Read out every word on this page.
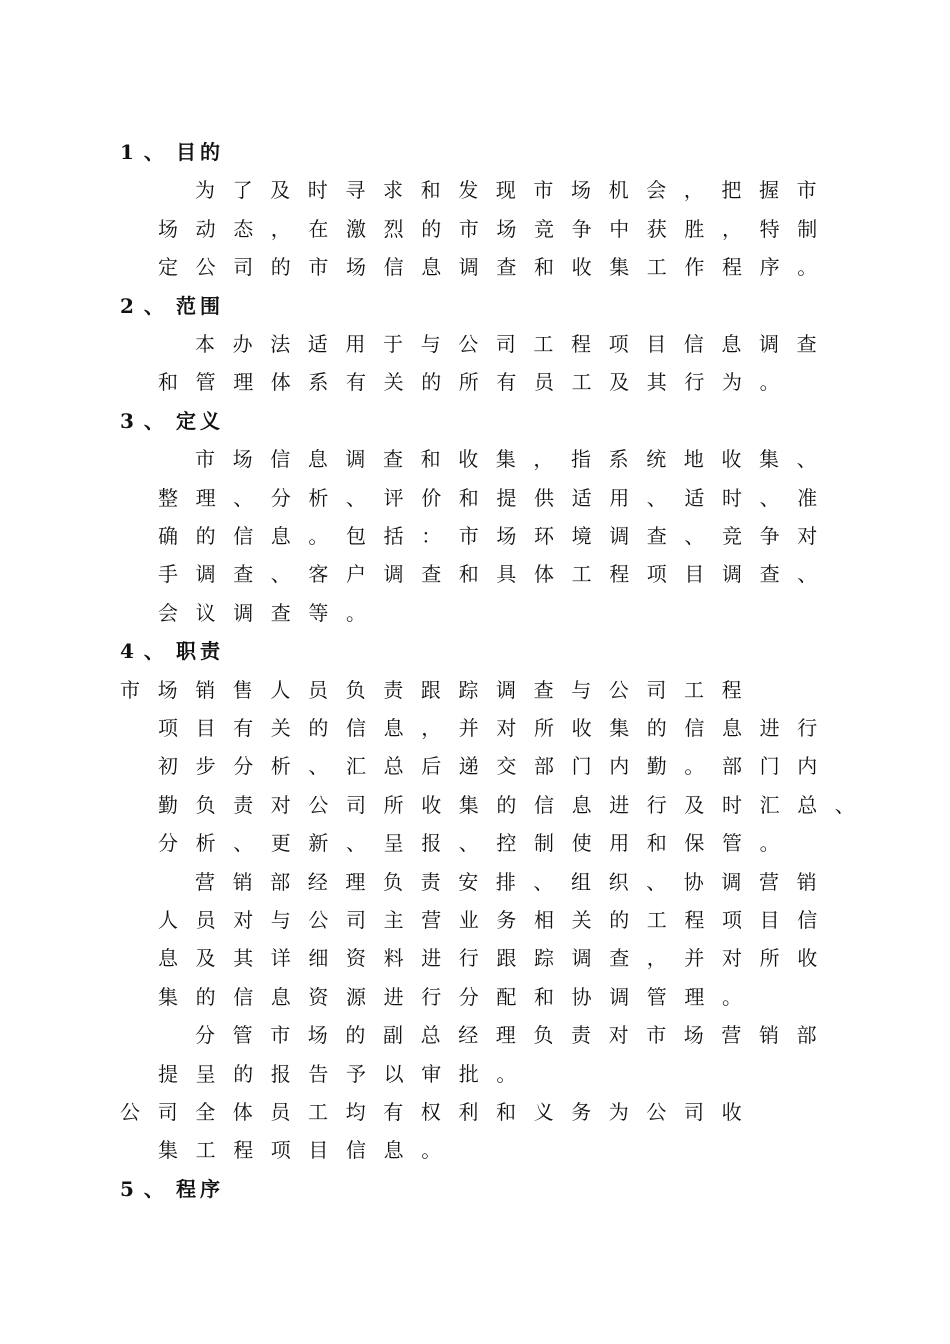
1、 目的
为了及时寻求和发现市场机会，把握市
场动态，在激烈的市场竞争中获胜，特制
定公司的市场信息调查和收集工作程序。
2、 范围
本办法适用于与公司工程项目信息调查
和管理体系有关的所有员工及其行为。
3、 定义
市场信息调查和收集，指系统地收集、
整理、分析、评价和提供适用、适时、准
确的信息。包括：市场环境调查、竞争对
手调查、客户调查和具体工程项目调查、
会议调查等。
4、 职责
市场销售人员负责跟踪调查与公司工程
项目有关的信息，并对所收集的信息进行
初步分析、汇总后递交部门内勤。部门内
勤负责对公司所收集的信息进行及时汇总、
分析、更新、呈报、控制使用和保管。
营销部经理负责安排、组织、协调营销
人员对与公司主营业务相关的工程项目信
息及其详细资料进行跟踪调查，并对所收
集的信息资源进行分配和协调管理。
分管市场的副总经理负责对市场营销部
提呈的报告予以审批。
公司全体员工均有权利和义务为公司收
集工程项目信息。
5、 程序
